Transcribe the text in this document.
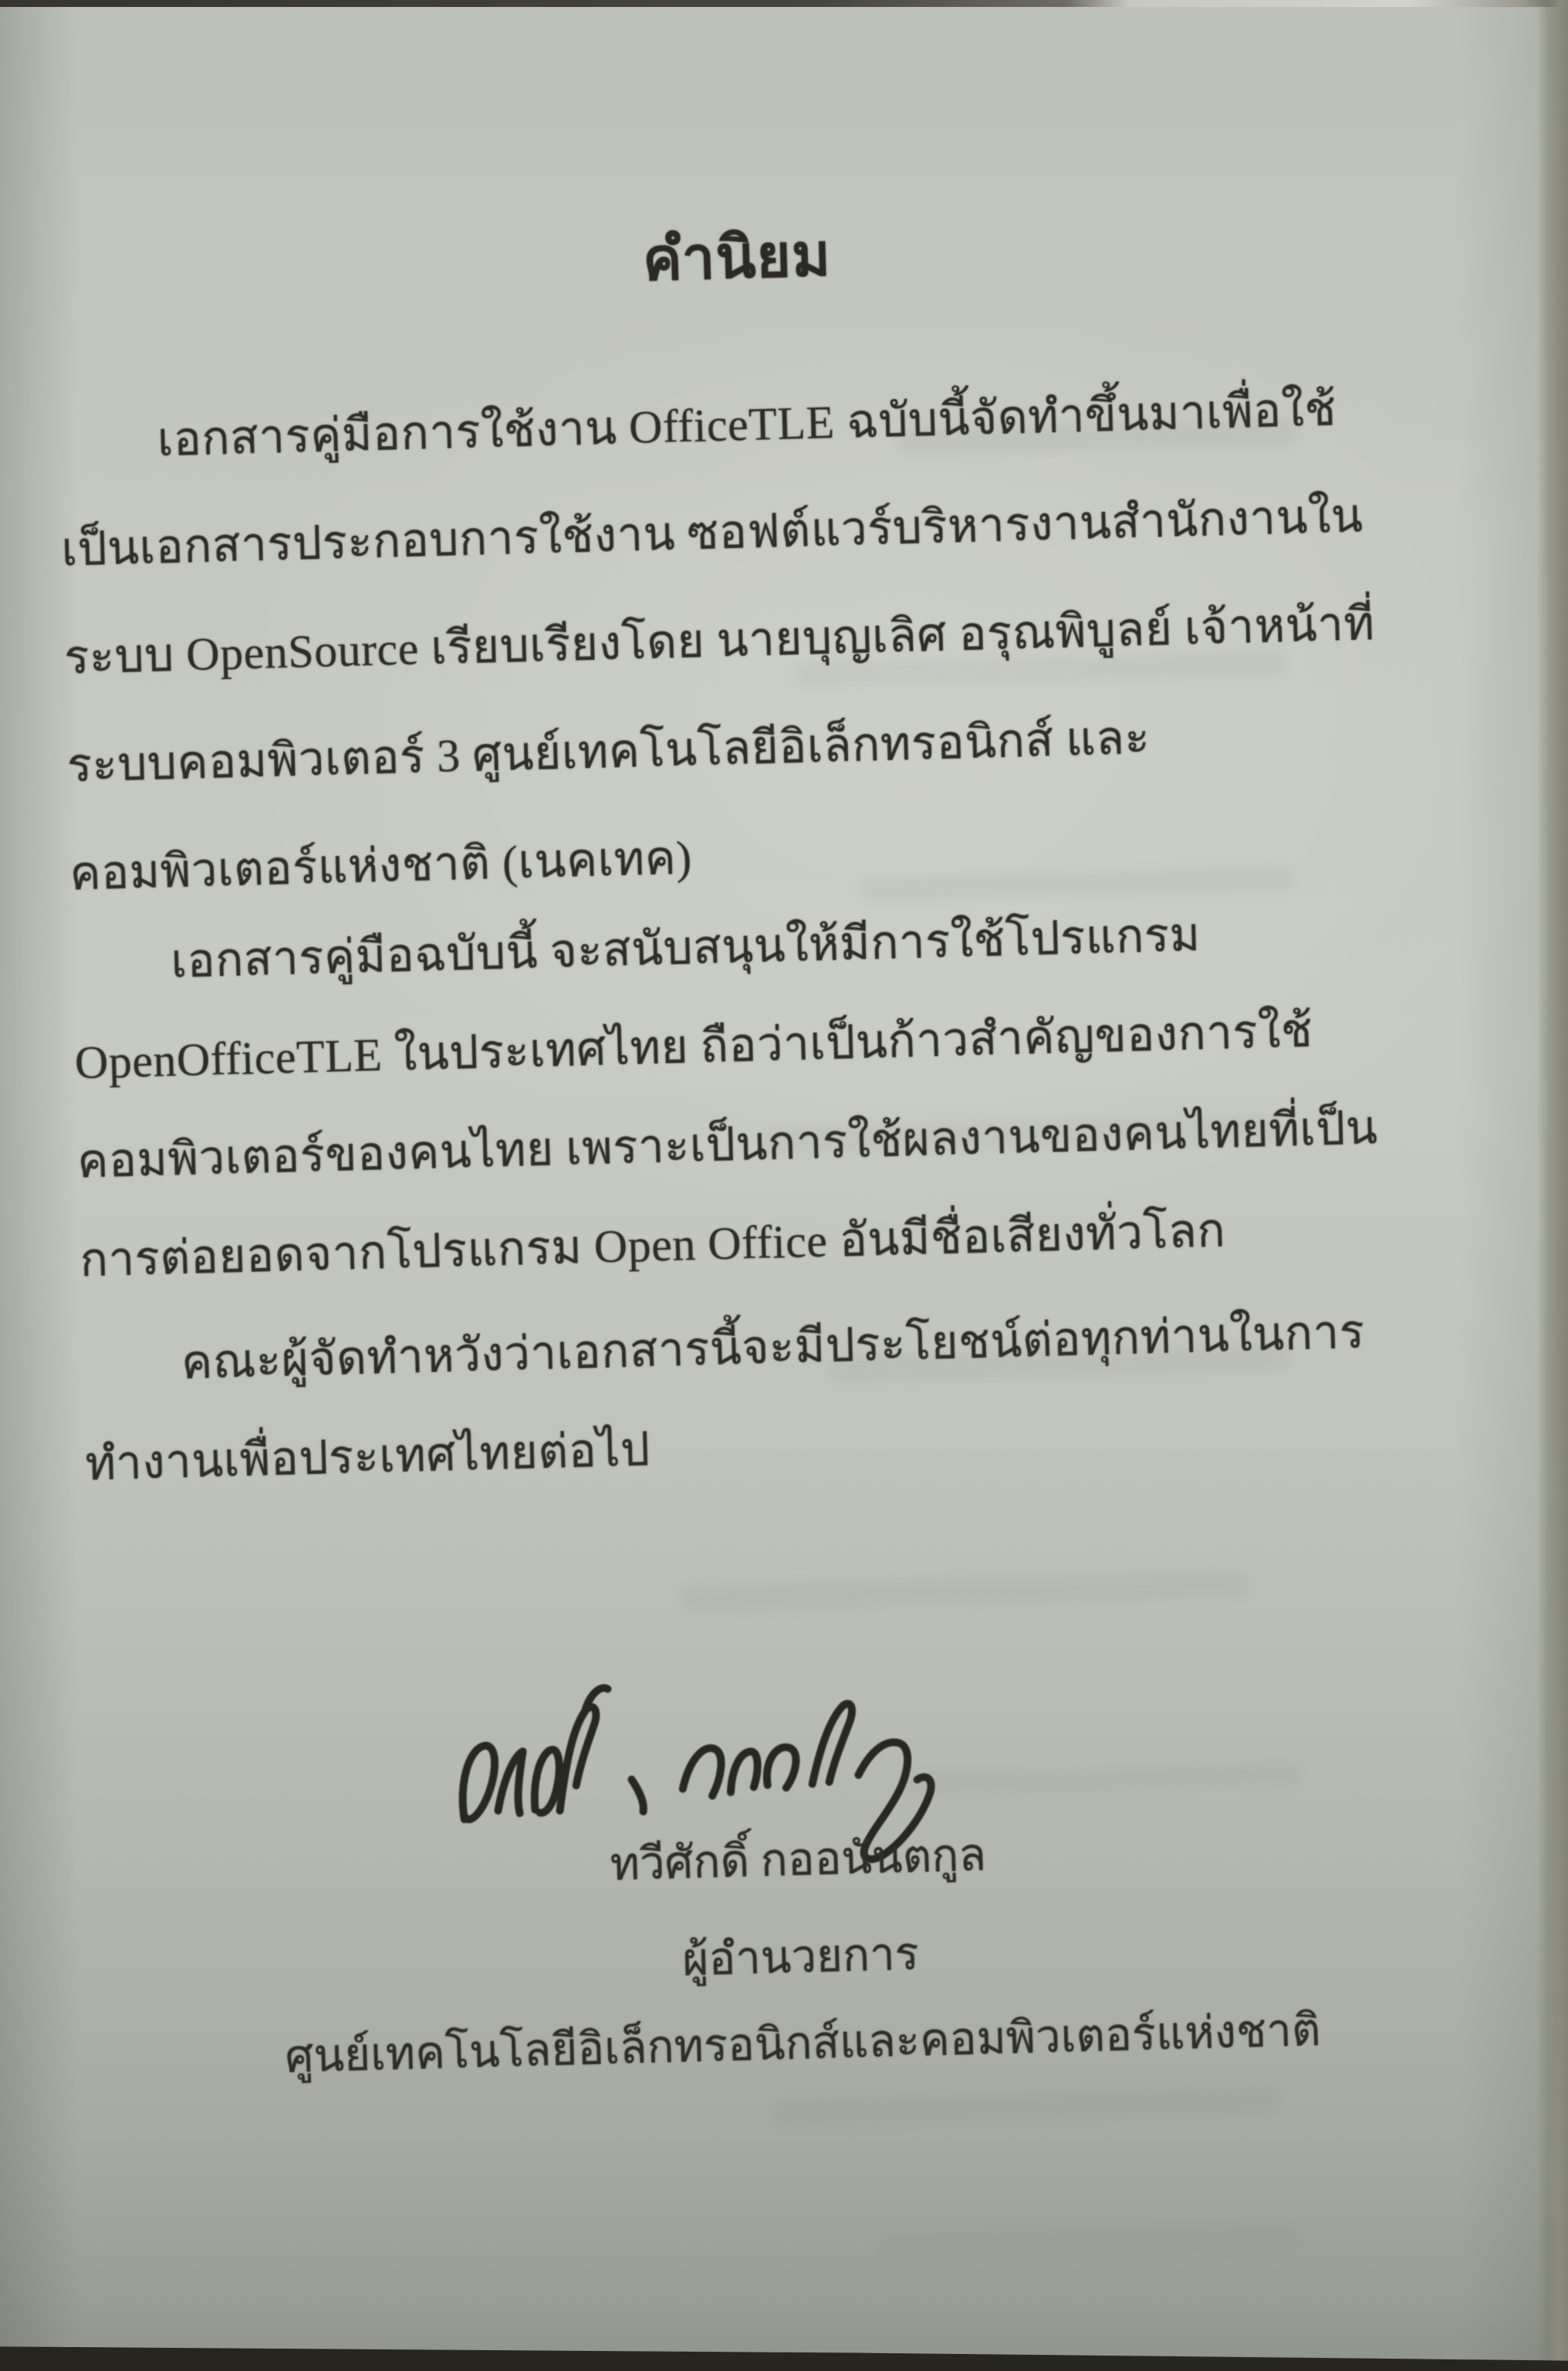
คำนิยม
เอกสารคู่มือการใช้งาน OfficeTLE ฉบับนี้จัดทำขึ้นมาเพื่อใช้
เป็นเอกสารประกอบการใช้งาน ซอฟต์แวร์บริหารงานสำนักงานใน
ระบบ OpenSource เรียบเรียงโดย นายบุญเลิศ อรุณพิบูลย์ เจ้าหน้าที่
ระบบคอมพิวเตอร์ 3 ศูนย์เทคโนโลยีอิเล็กทรอนิกส์ และ
คอมพิวเตอร์แห่งชาติ (เนคเทค)
เอกสารคู่มือฉบับนี้ จะสนับสนุนให้มีการใช้โปรแกรม
OpenOfficeTLE ในประเทศไทย ถือว่าเป็นก้าวสำคัญของการใช้
คอมพิวเตอร์ของคนไทย เพราะเป็นการใช้ผลงานของคนไทยที่เป็น
การต่อยอดจากโปรแกรม Open Office อันมีชื่อเสียงทั่วโลก
คณะผู้จัดทำหวังว่าเอกสารนี้จะมีประโยชน์ต่อทุกท่านในการ
ทำงานเพื่อประเทศไทยต่อไป
ทวีศักดิ์ กออนันตกูล
ผู้อำนวยการ
ศูนย์เทคโนโลยีอิเล็กทรอนิกส์และคอมพิวเตอร์แห่งชาติ
